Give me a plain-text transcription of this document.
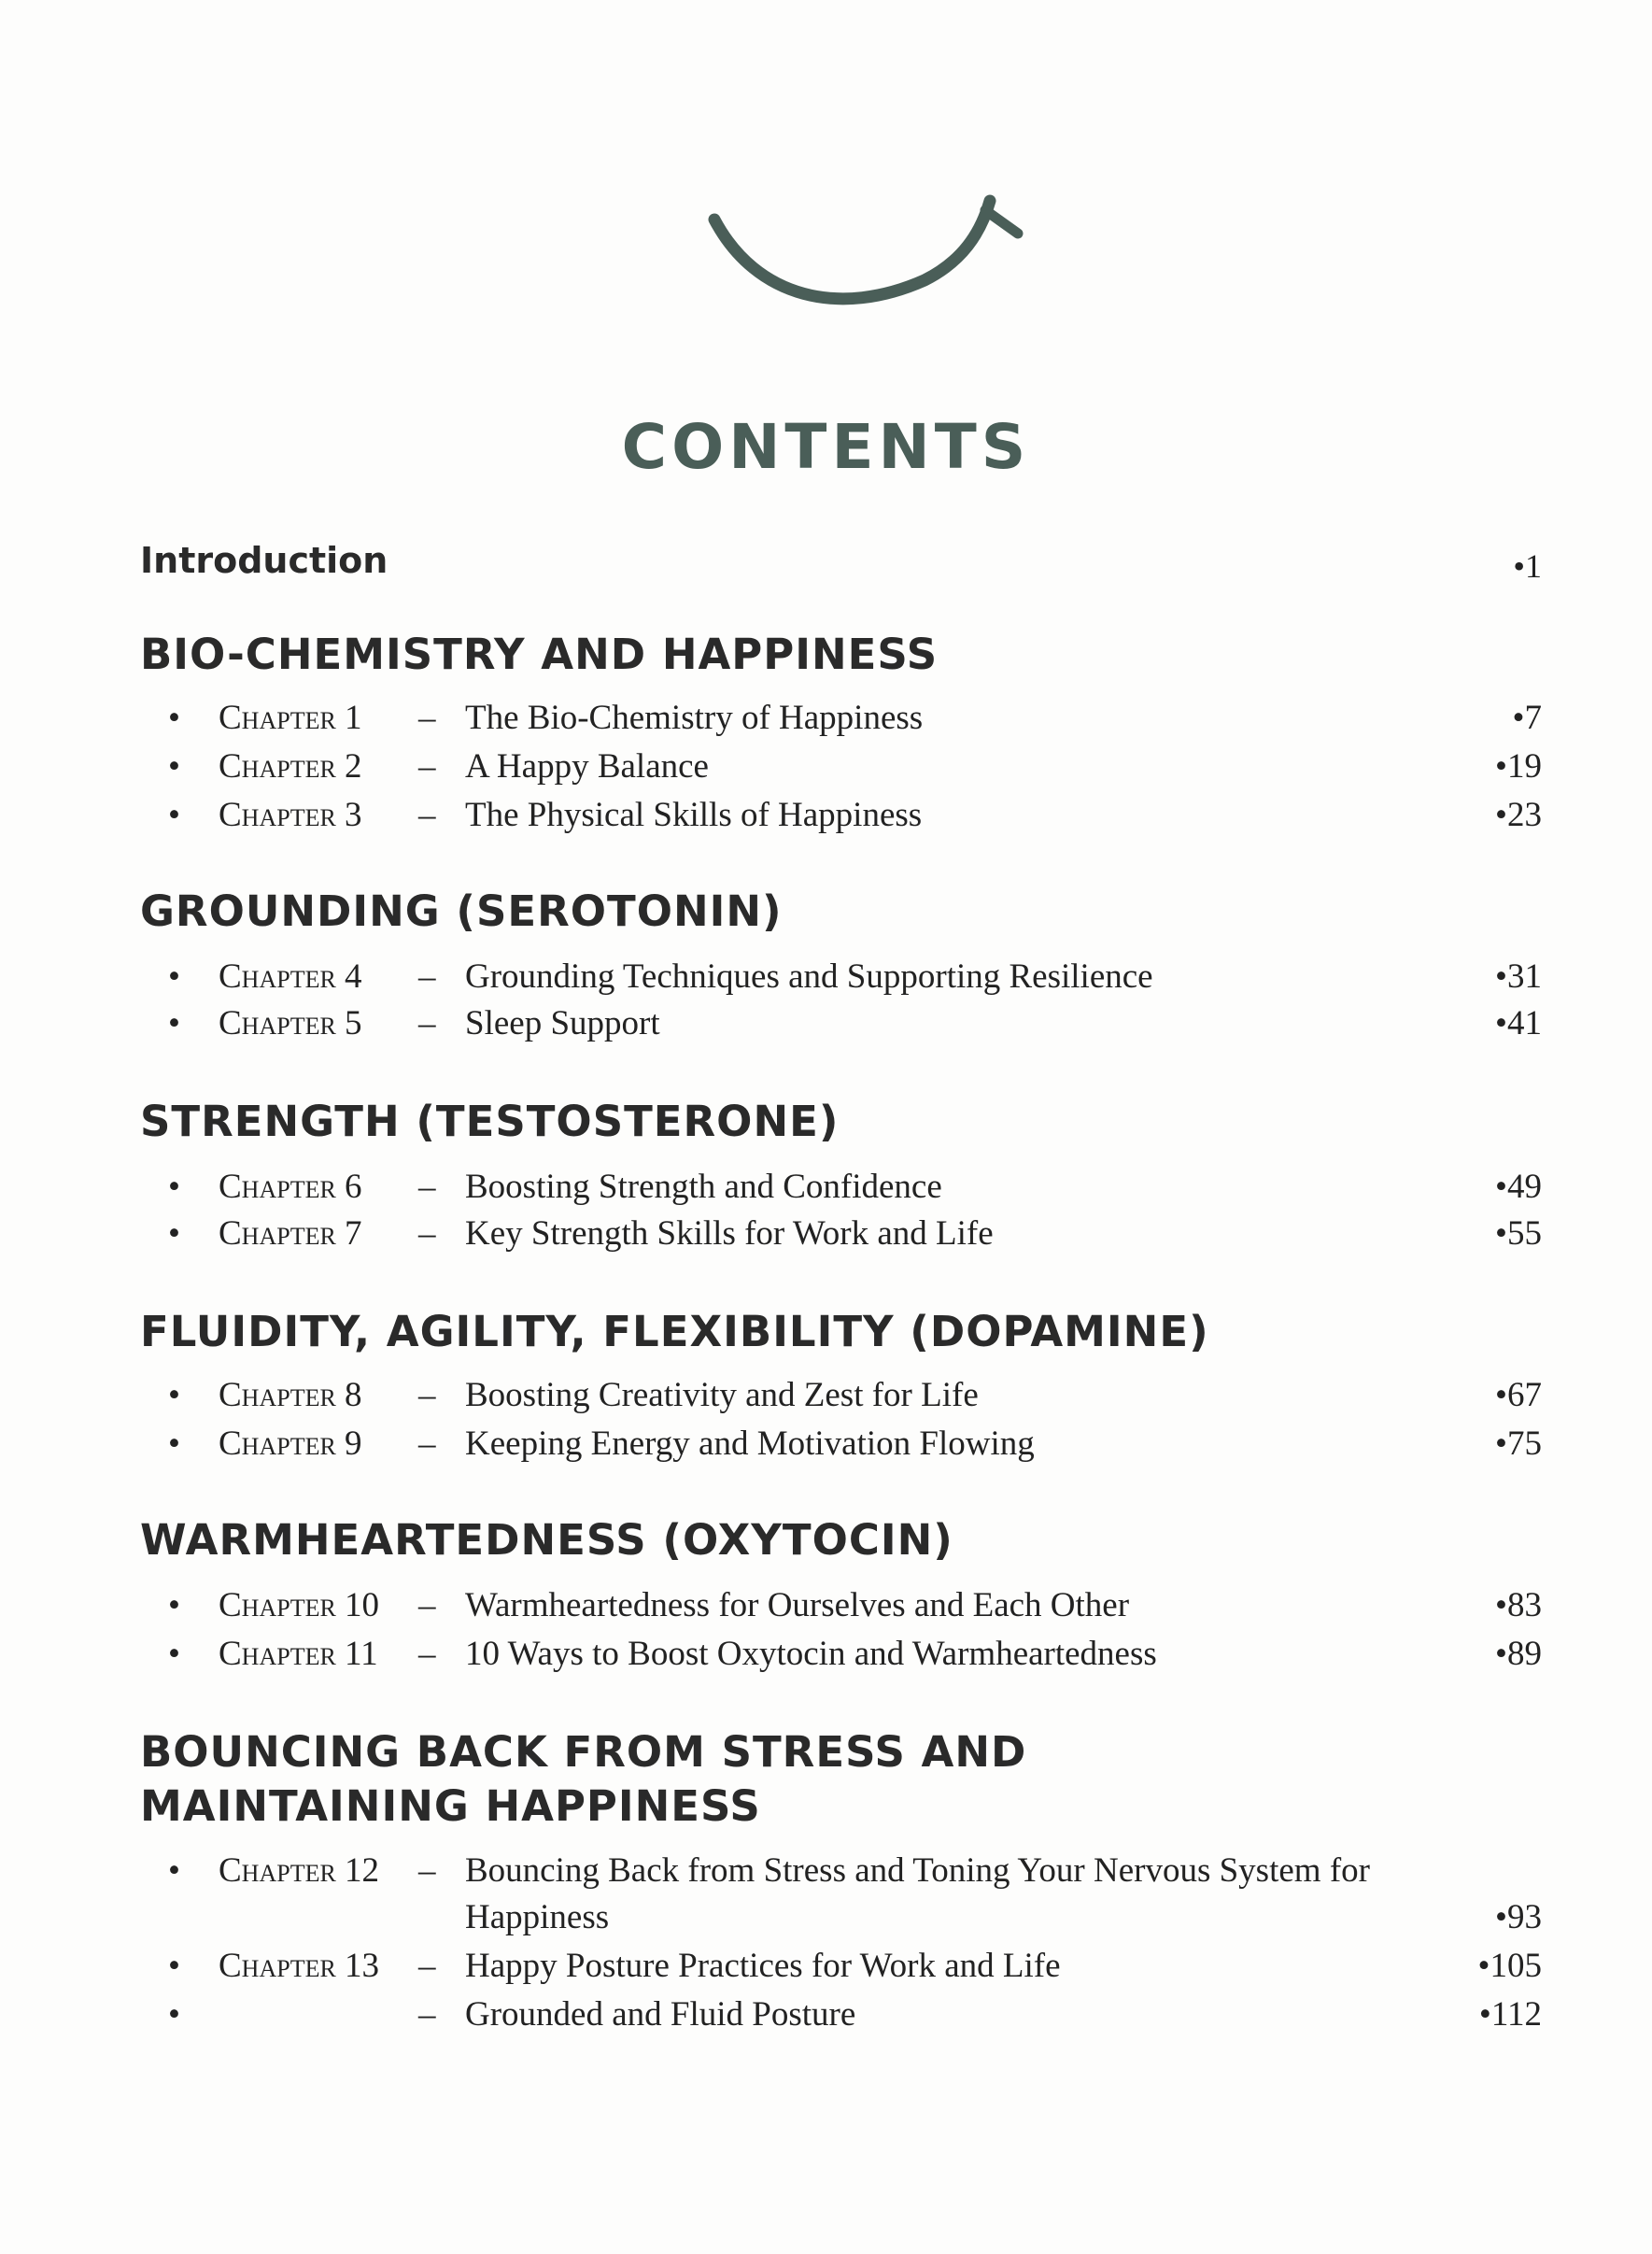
CONTENTS
Introduction	•1
BIO-CHEMISTRY AND HAPPINESS
• Chapter 1 – The Bio-Chemistry of Happiness	•7
• Chapter 2 – A Happy Balance	•19
• Chapter 3 – The Physical Skills of Happiness	•23
GROUNDING (SEROTONIN)
• Chapter 4 – Grounding Techniques and Supporting Resilience	•31
• Chapter 5 – Sleep Support	•41
STRENGTH (TESTOSTERONE)
• Chapter 6 – Boosting Strength and Confidence	•49
• Chapter 7 – Key Strength Skills for Work and Life	•55
FLUIDITY, AGILITY, FLEXIBILITY (DOPAMINE)
• Chapter 8 – Boosting Creativity and Zest for Life	•67
• Chapter 9 – Keeping Energy and Motivation Flowing	•75
WARMHEARTEDNESS (OXYTOCIN)
• Chapter 10 – Warmheartedness for Ourselves and Each Other	•83
• Chapter 11 – 10 Ways to Boost Oxytocin and Warmheartedness	•89
BOUNCING BACK FROM STRESS AND MAINTAINING HAPPINESS
• Chapter 12 – Bouncing Back from Stress and Toning Your Nervous System for
Happiness	•93
• Chapter 13 – Happy Posture Practices for Work and Life	•105
•	– Grounded and Fluid Posture	•112
